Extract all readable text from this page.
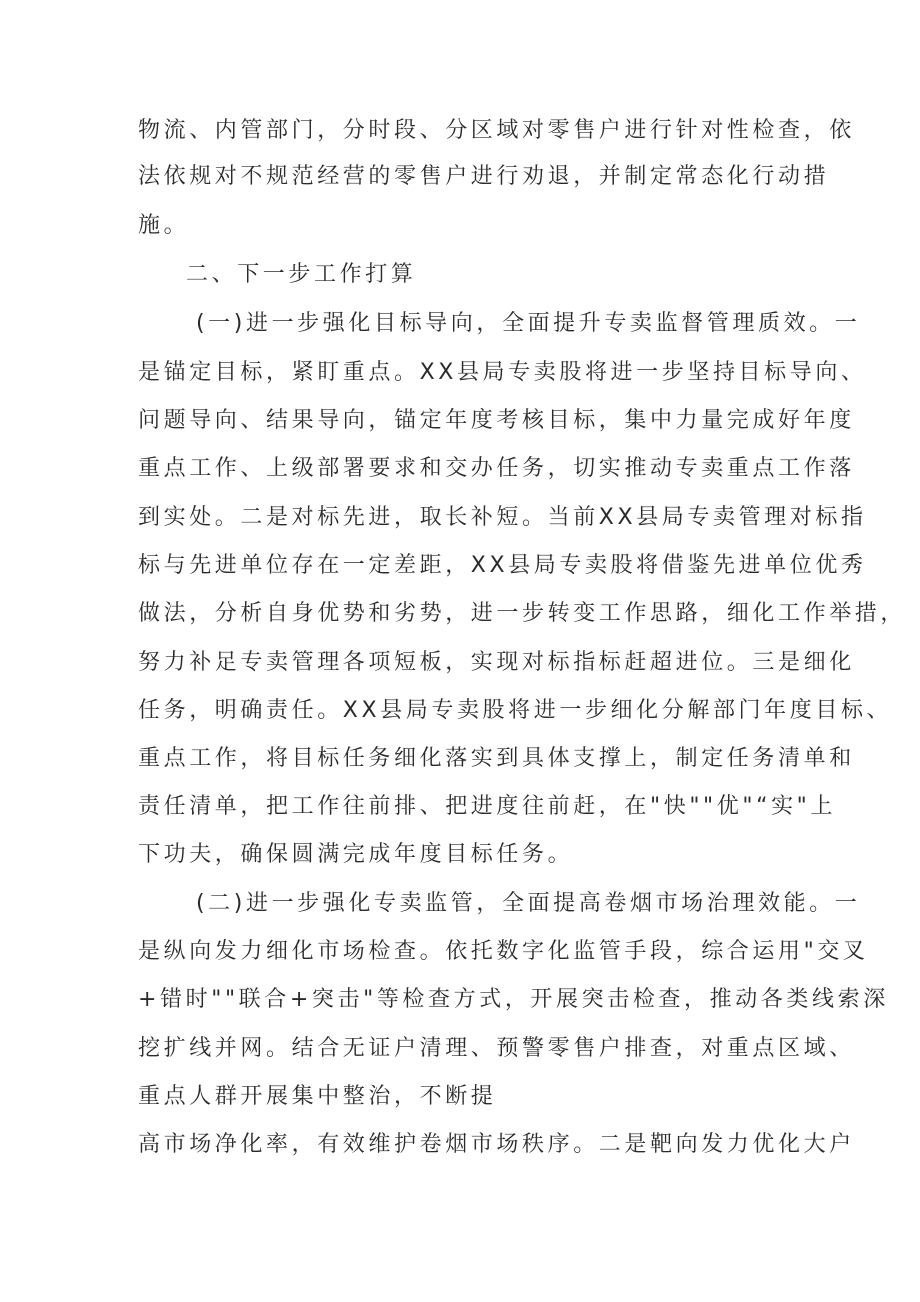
物流、内管部门，分时段、分区域对零售户进行针对性检查，依
法依规对不规范经营的零售户进行劝退，并制定常态化行动措
施。
二、下一步工作打算
(一)进一步强化目标导向，全面提升专卖监督管理质效。一
是锚定目标，紧盯重点。XX县局专卖股将进一步坚持目标导向、
问题导向、结果导向，锚定年度考核目标，集中力量完成好年度
重点工作、上级部署要求和交办任务，切实推动专卖重点工作落
到实处。二是对标先进，取长补短。当前XX县局专卖管理对标指
标与先进单位存在一定差距，XX县局专卖股将借鉴先进单位优秀
做法，分析自身优势和劣势，进一步转变工作思路，细化工作举措，
努力补足专卖管理各项短板，实现对标指标赶超进位。三是细化
任务，明确责任。XX县局专卖股将进一步细化分解部门年度目标、
重点工作，将目标任务细化落实到具体支撑上，制定任务清单和
责任清单，把工作往前排、把进度往前赶，在"快""优"“实"上
下功夫，确保圆满完成年度目标任务。
(二)进一步强化专卖监管，全面提高卷烟市场治理效能。一
是纵向发力细化市场检查。依托数字化监管手段，综合运用"交叉
+错时""联合+突击"等检查方式，开展突击检查，推动各类线索深
挖扩线并网。结合无证户清理、预警零售户排查，对重点区域、
重点人群开展集中整治，不断提
高市场净化率，有效维护卷烟市场秩序。二是靶向发力优化大户
